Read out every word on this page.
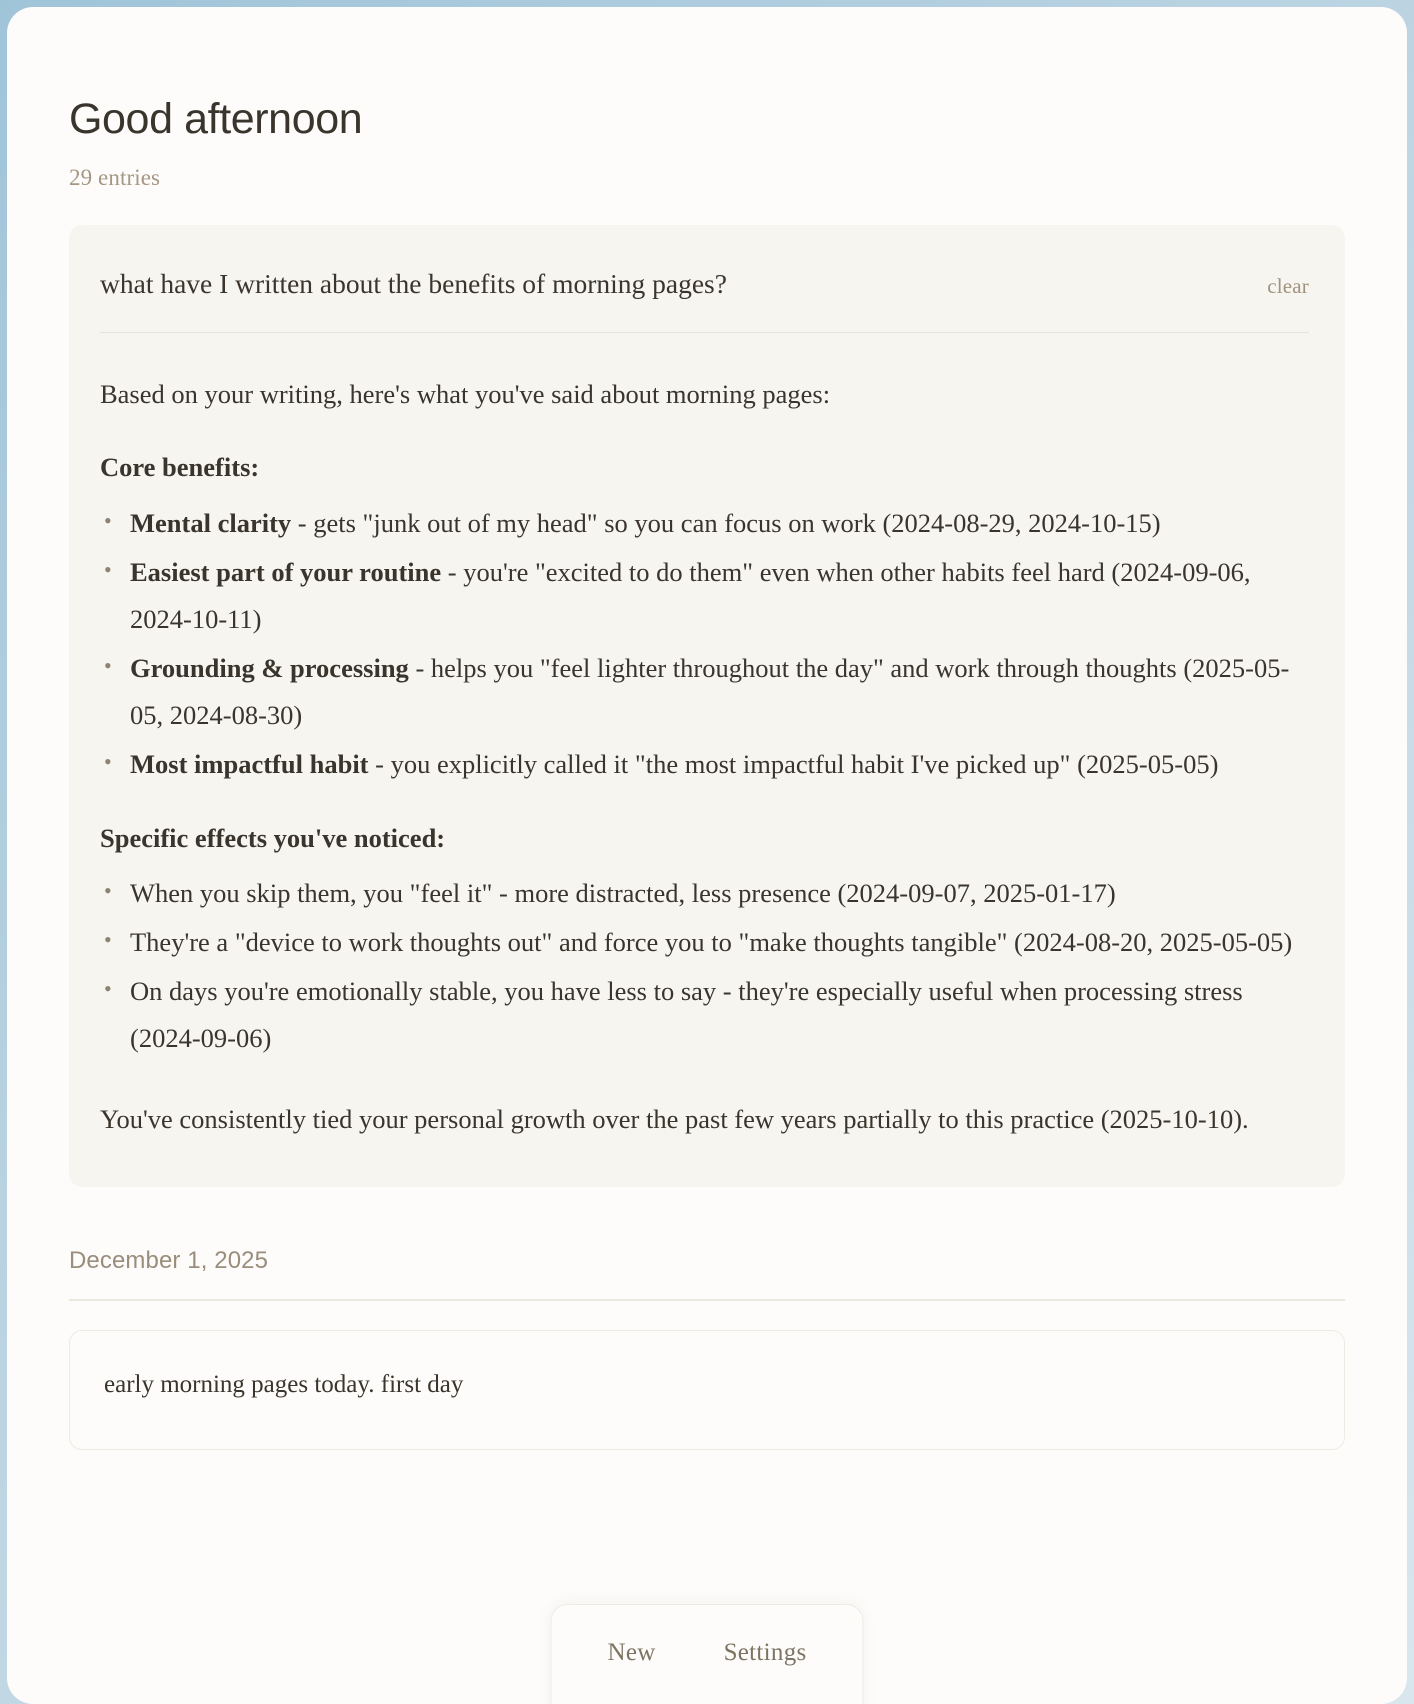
Good afternoon
29 entries
what have I written about the benefits of morning pages?	clear

Based on your writing, here's what you've said about morning pages:

Core benefits:

• Mental clarity - gets "junk out of my head" so you can focus on work (2024-08-29, 2024-10-15)
• Easiest part of your routine - you're "excited to do them" even when other habits feel hard (2024-09-06, 2024-10-11)
• Grounding & processing - helps you "feel lighter throughout the day" and work through thoughts (2025-05-05, 2024-08-30)
• Most impactful habit - you explicitly called it "the most impactful habit I've picked up" (2025-05-05)

Specific effects you've noticed:

• When you skip them, you "feel it" - more distracted, less presence (2024-09-07, 2025-01-17)
• They're a "device to work thoughts out" and force you to "make thoughts tangible" (2024-08-20, 2025-05-05)
• On days you're emotionally stable, you have less to say - they're especially useful when processing stress (2024-09-06)

You've consistently tied your personal growth over the past few years partially to this practice (2025-10-10).

December 1, 2025
early morning pages today. first day
New	Settings
